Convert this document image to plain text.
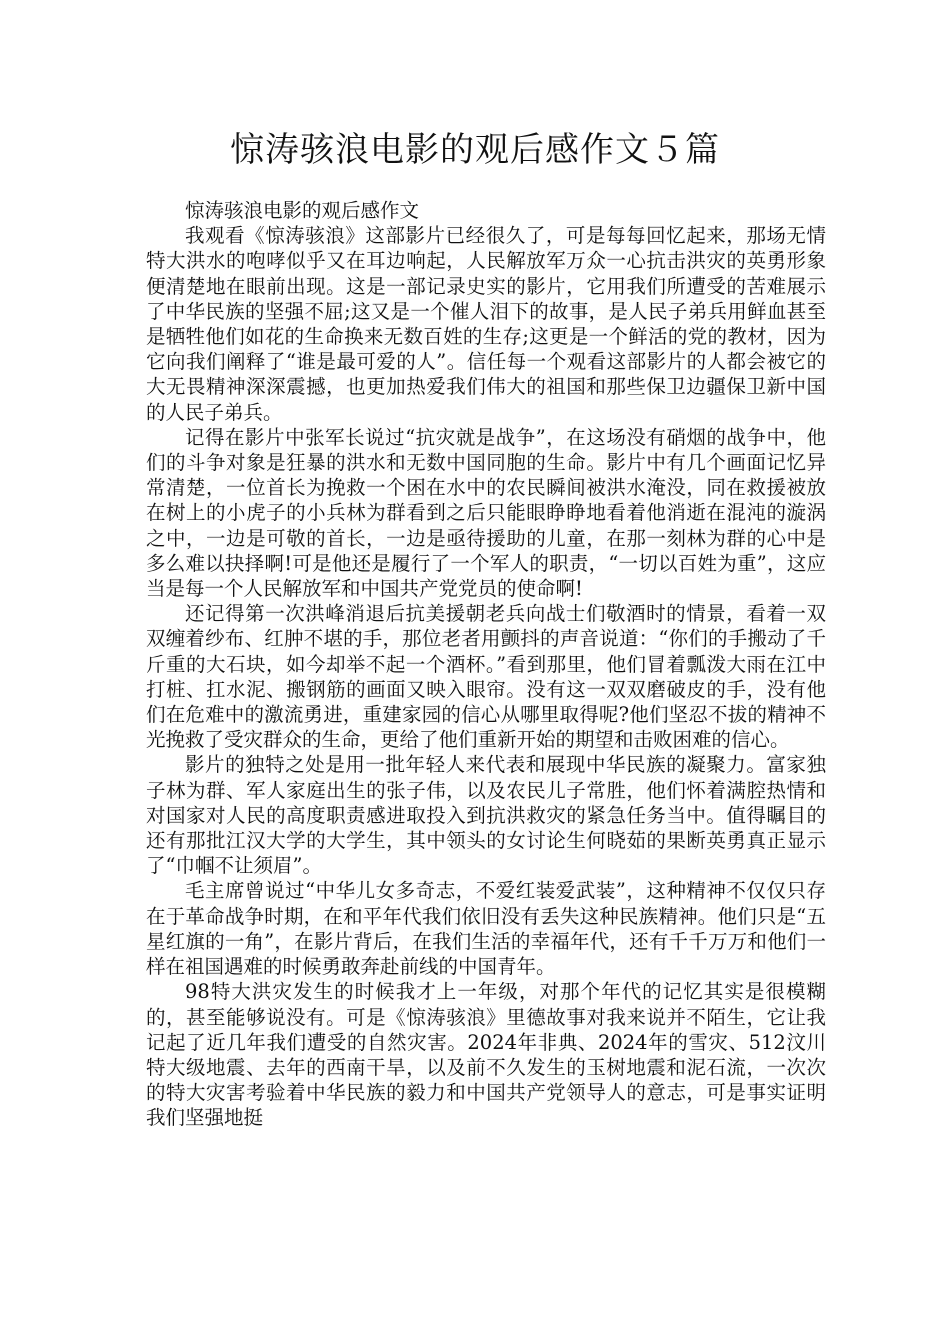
惊涛骇浪电影的观后感作文５篇

惊涛骇浪电影的观后感作文

我观看《惊涛骇浪》这部影片已经很久了，可是每每回忆起来，那场无情特大洪水的咆哮似乎又在耳边响起，人民解放军万众一心抗击洪灾的英勇形象便清楚地在眼前出现。这是一部记录史实的影片，它用我们所遭受的苦难展示了中华民族的坚强不屈;这又是一个催人泪下的故事，是人民子弟兵用鲜血甚至是牺牲他们如花的生命换来无数百姓的生存;这更是一个鲜活的党的教材，因为它向我们阐释了“谁是最可爱的人”。信任每一个观看这部影片的人都会被它的大无畏精神深深震撼，也更加热爱我们伟大的祖国和那些保卫边疆保卫新中国的人民子弟兵。

记得在影片中张军长说过“抗灾就是战争”，在这场没有硝烟的战争中，他们的斗争对象是狂暴的洪水和无数中国同胞的生命。影片中有几个画面记忆异常清楚，一位首长为挽救一个困在水中的农民瞬间被洪水淹没，同在救援被放在树上的小虎子的小兵林为群看到之后只能眼睁睁地看着他消逝在混沌的漩涡之中，一边是可敬的首长，一边是亟待援助的儿童，在那一刻林为群的心中是多么难以抉择啊!可是他还是履行了一个军人的职责，“一切以百姓为重”，这应当是每一个人民解放军和中国共产党党员的使命啊!

还记得第一次洪峰消退后抗美援朝老兵向战士们敬酒时的情景，看着一双双缠着纱布、红肿不堪的手，那位老者用颤抖的声音说道：“你们的手搬动了千斤重的大石块，如今却举不起一个酒杯。”看到那里，他们冒着瓢泼大雨在江中打桩、扛水泥、搬钢筋的画面又映入眼帘。没有这一双双磨破皮的手，没有他们在危难中的激流勇进，重建家园的信心从哪里取得呢?他们坚忍不拔的精神不光挽救了受灾群众的生命，更给了他们重新开始的期望和击败困难的信心。

影片的独特之处是用一批年轻人来代表和展现中华民族的凝聚力。富家独子林为群、军人家庭出生的张子伟，以及农民儿子常胜，他们怀着满腔热情和对国家对人民的高度职责感进取投入到抗洪救灾的紧急任务当中。值得瞩目的还有那批江汉大学的大学生，其中领头的女讨论生何晓茹的果断英勇真正显示了“巾帼不让须眉”。

毛主席曾说过“中华儿女多奇志，不爱红装爱武装”，这种精神不仅仅只存在于革命战争时期，在和平年代我们依旧没有丢失这种民族精神。他们只是“五星红旗的一角”，在影片背后，在我们生活的幸福年代，还有千千万万和他们一样在祖国遇难的时候勇敢奔赴前线的中国青年。

98特大洪灾发生的时候我才上一年级，对那个年代的记忆其实是很模糊的，甚至能够说没有。可是《惊涛骇浪》里德故事对我来说并不陌生，它让我记起了近几年我们遭受的自然灾害。2024年非典、2024年的雪灾、512汶川特大级地震、去年的西南干旱，以及前不久发生的玉树地震和泥石流，一次次的特大灾害考验着中华民族的毅力和中国共产党领导人的意志，可是事实证明我们坚强地挺
